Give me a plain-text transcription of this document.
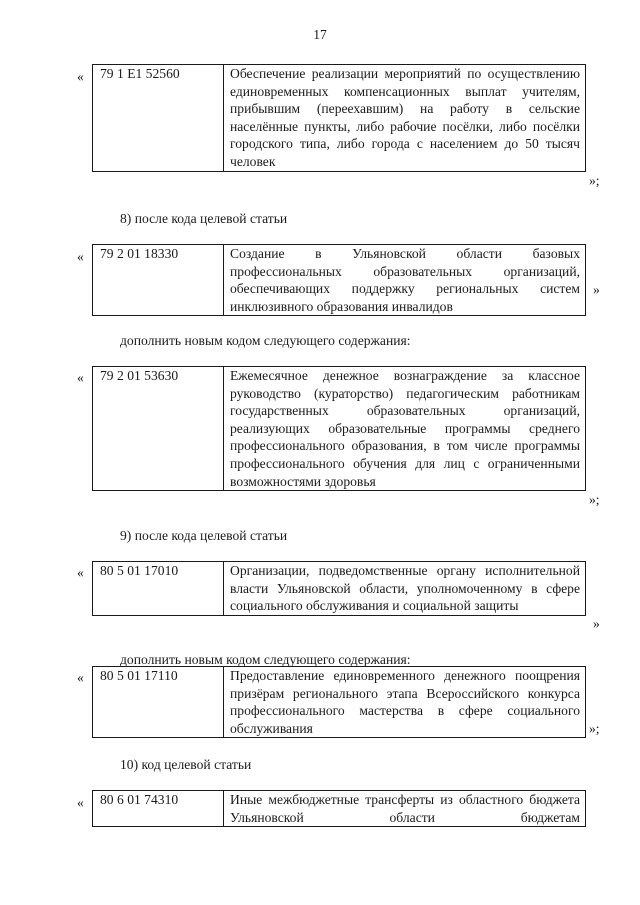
17
«	79 1 E1 52560	Обеспечение реализации мероприятий по осуществлению единовременных компенсационных выплат учителям, прибывшим (переехавшим) на работу в сельские населённые пункты, либо рабочие посёлки, либо посёлки городского типа, либо города с населением до 50 тысяч человек
»;
8) после кода целевой статьи
«	79 2 01 18330	Создание в Ульяновской области базовых профессиональных образовательных организаций, обеспечивающих поддержку региональных систем инклюзивного образования инвалидов
»
дополнить новым кодом следующего содержания:
«	79 2 01 53630	Ежемесячное денежное вознаграждение за классное руководство (кураторство) педагогическим работникам государственных образовательных организаций, реализующих образовательные программы среднего профессионального образования, в том числе программы профессионального обучения для лиц с ограниченными возможностями здоровья
»;
9) после кода целевой статьи
«	80 5 01 17010	Организации, подведомственные органу исполнительной власти Ульяновской области, уполномоченному в сфере социального обслуживания и социальной защиты
»
дополнить новым кодом следующего содержания:
«	80 5 01 17110	Предоставление единовременного денежного поощрения призёрам регионального этапа Всероссийского конкурса профессионального мастерства в сфере социального обслуживания	»;
10) код целевой статьи
«	80 6 01 74310	Иные межбюджетные трансферты из областного бюджета Ульяновской области бюджетам
